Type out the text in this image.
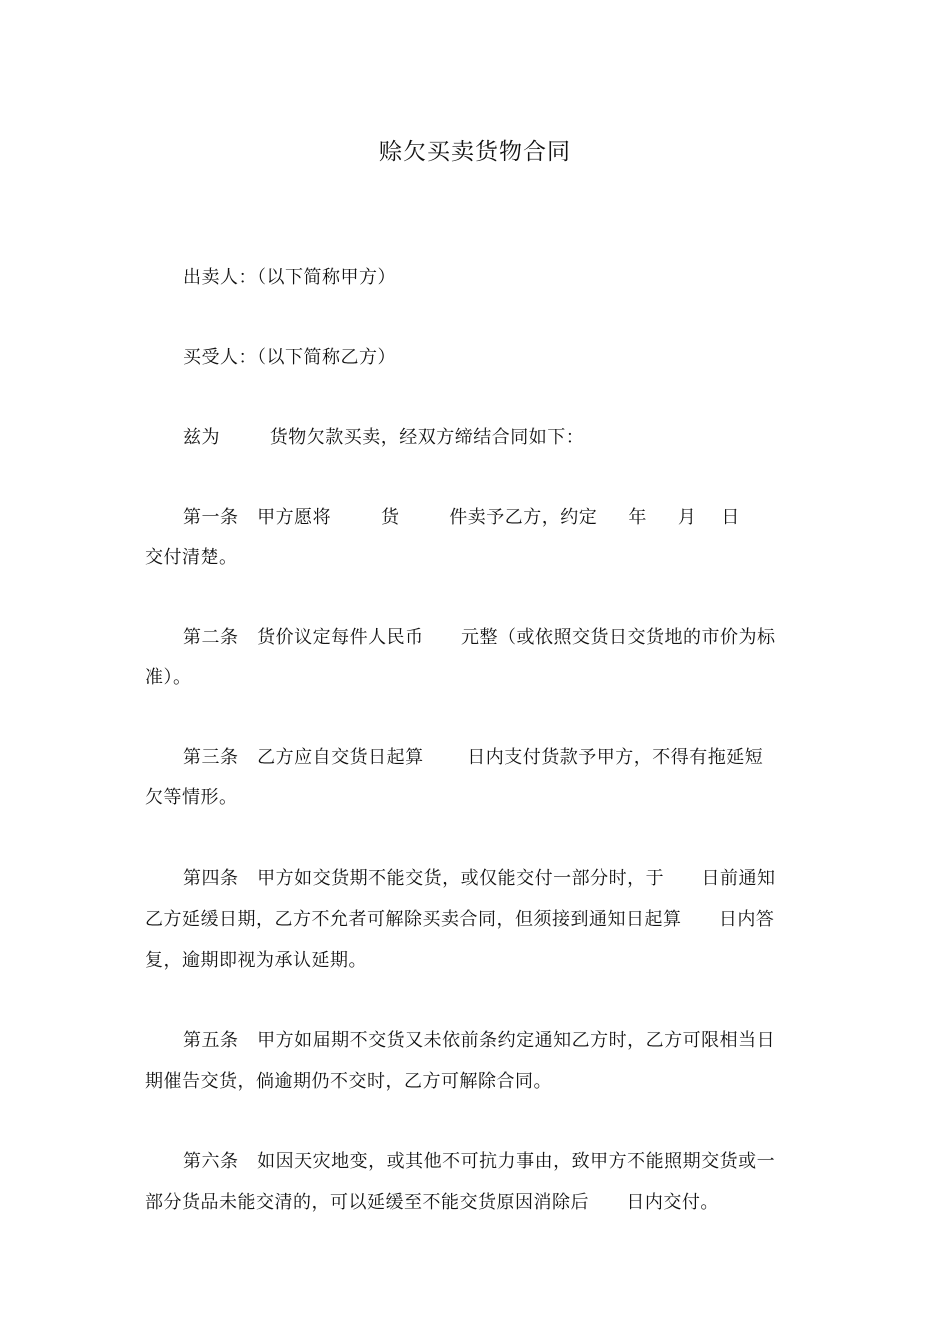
赊欠买卖货物合同
出卖人：（以下简称甲方）
买受人：（以下简称乙方）
兹为        货物欠款买卖，经双方缔结合同如下：
第一条   甲方愿将        货        件卖予乙方，约定     年     月    日
交付清楚。
第二条   货价议定每件人民币      元整（或依照交货日交货地的市价为标
准）。
第三条   乙方应自交货日起算       日内支付货款予甲方，不得有拖延短
欠等情形。
第四条   甲方如交货期不能交货，或仅能交付一部分时，于      日前通知
乙方延缓日期，乙方不允者可解除买卖合同，但须接到通知日起算      日内答
复，逾期即视为承认延期。
第五条   甲方如届期不交货又未依前条约定通知乙方时，乙方可限相当日
期催告交货，倘逾期仍不交时，乙方可解除合同。
第六条   如因天灾地变，或其他不可抗力事由，致甲方不能照期交货或一
部分货品未能交清的，可以延缓至不能交货原因消除后      日内交付。
